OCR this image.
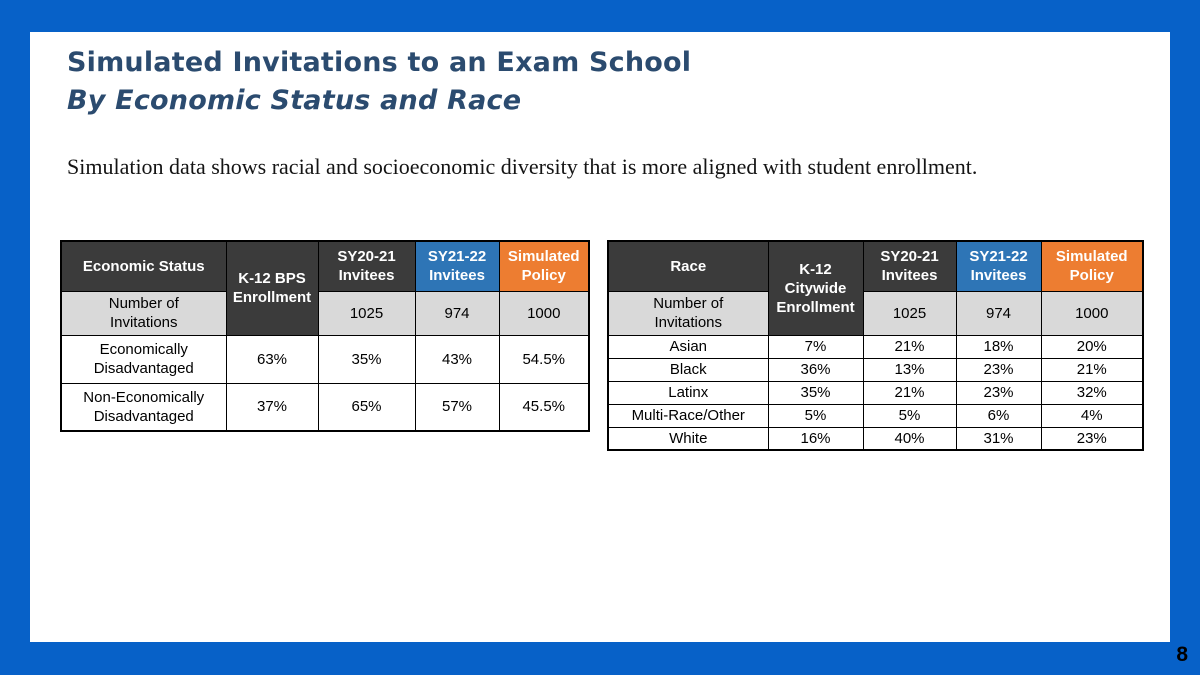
Simulated Invitations to an Exam School
By Economic Status and Race

Simulation data shows racial and socioeconomic diversity that is more aligned with student enrollment.

Economic Status	K-12 BPS Enrollment	SY20-21 Invitees	SY21-22 Invitees	Simulated Policy
Number of Invitations		1025	974	1000
Economically Disadvantaged	63%	35%	43%	54.5%
Non-Economically Disadvantaged	37%	65%	57%	45.5%
Race	K-12 Citywide Enrollment	SY20-21 Invitees	SY21-22 Invitees	Simulated Policy
Number of Invitations		1025	974	1000
Asian	7%	21%	18%	20%
Black	36%	13%	23%	21%
Latinx	35%	21%	23%	32%
Multi-Race/Other	5%	5%	6%	4%
White	16%	40%	31%	23%
8
